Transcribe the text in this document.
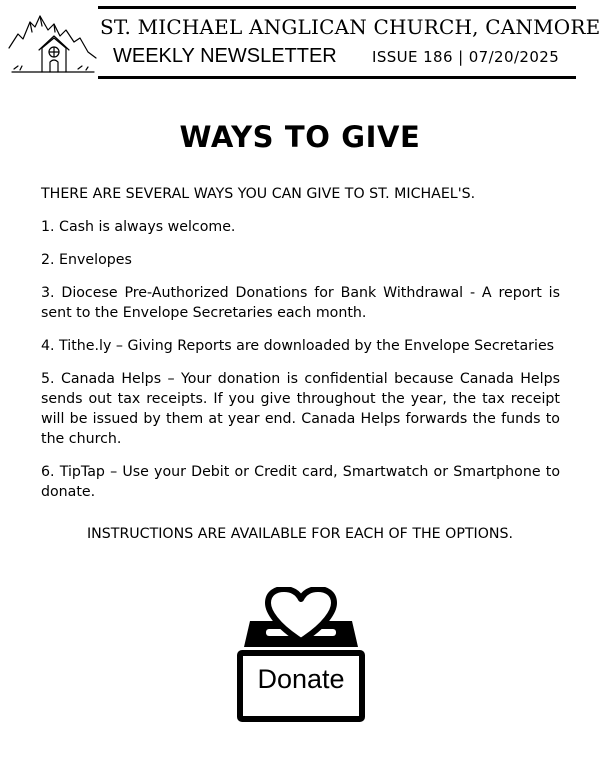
ST. MICHAEL ANGLICAN CHURCH, CANMORE
WEEKLY NEWSLETTER ISSUE 186 | 07/20/2025
WAYS TO GIVE

THERE ARE SEVERAL WAYS YOU CAN GIVE TO ST. MICHAEL'S.

1. Cash is always welcome.

2. Envelopes

3. Diocese Pre-Authorized Donations for Bank Withdrawal - A report is sent to the Envelope Secretaries each month.

4. Tithe.ly – Giving Reports are downloaded by the Envelope Secretaries

5. Canada Helps – Your donation is confidential because Canada Helps sends out tax receipts. If you give throughout the year, the tax receipt will be issued by them at year end. Canada Helps forwards the funds to the church.

6. TipTap – Use your Debit or Credit card, Smartwatch or Smartphone to donate.

INSTRUCTIONS ARE AVAILABLE FOR EACH OF THE OPTIONS.

Donate
